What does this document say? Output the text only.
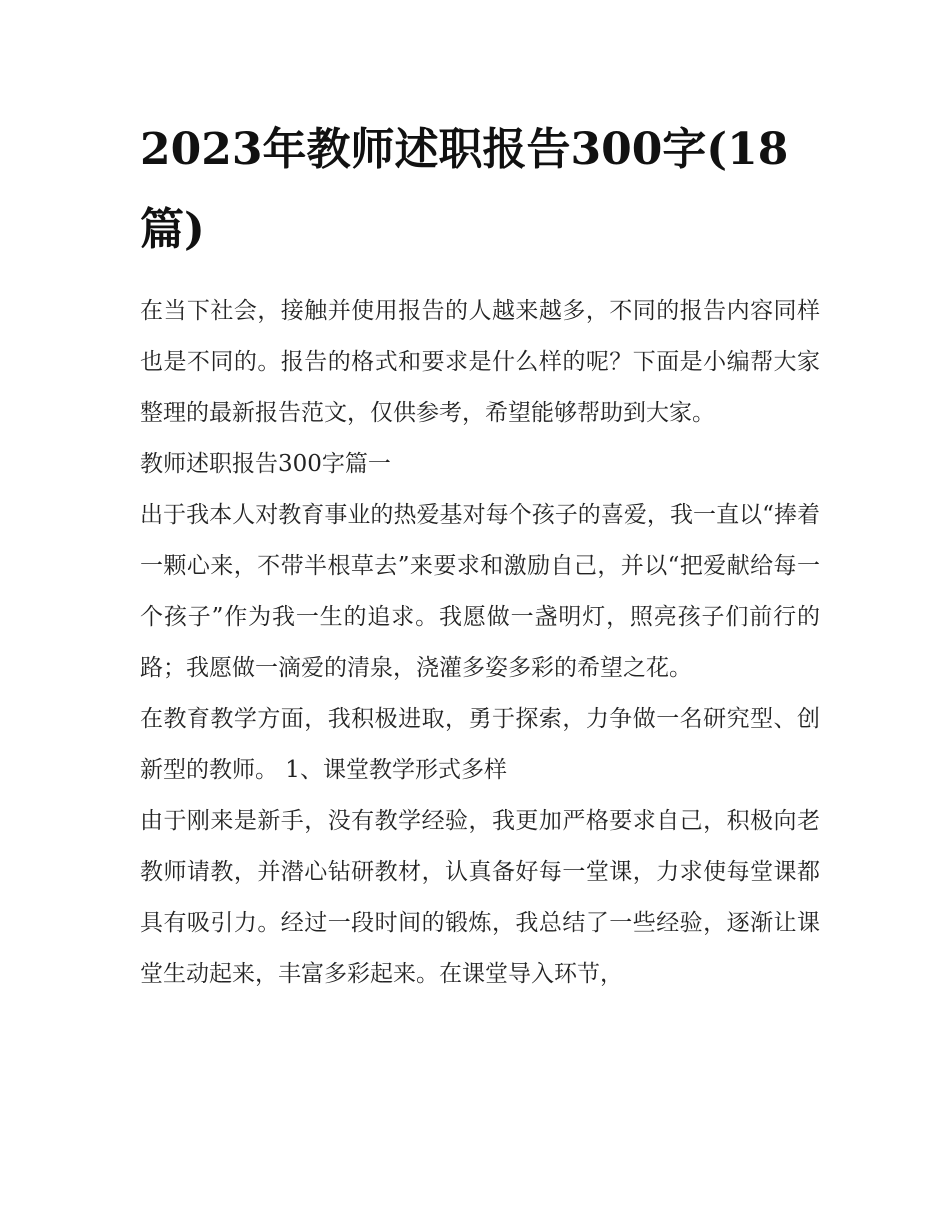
2023年教师述职报告300字(18篇)

在当下社会，接触并使用报告的人越来越多，不同的报告内容同样也是不同的。报告的格式和要求是什么样的呢？下面是小编帮大家整理的最新报告范文，仅供参考，希望能够帮助到大家。

教师述职报告300字篇一

出于我本人对教育事业的热爱基对每个孩子的喜爱，我一直以“捧着一颗心来，不带半根草去”来要求和激励自己，并以“把爱献给每一个孩子”作为我一生的追求。我愿做一盏明灯，照亮孩子们前行的路；我愿做一滴爱的清泉，浇灌多姿多彩的希望之花。

在教育教学方面，我积极进取，勇于探索，力争做一名研究型、创新型的教师。 1、课堂教学形式多样

由于刚来是新手，没有教学经验，我更加严格要求自己，积极向老教师请教，并潜心钻研教材，认真备好每一堂课，力求使每堂课都具有吸引力。经过一段时间的锻炼，我总结了一些经验，逐渐让课堂生动起来，丰富多彩起来。在课堂导入环节，
